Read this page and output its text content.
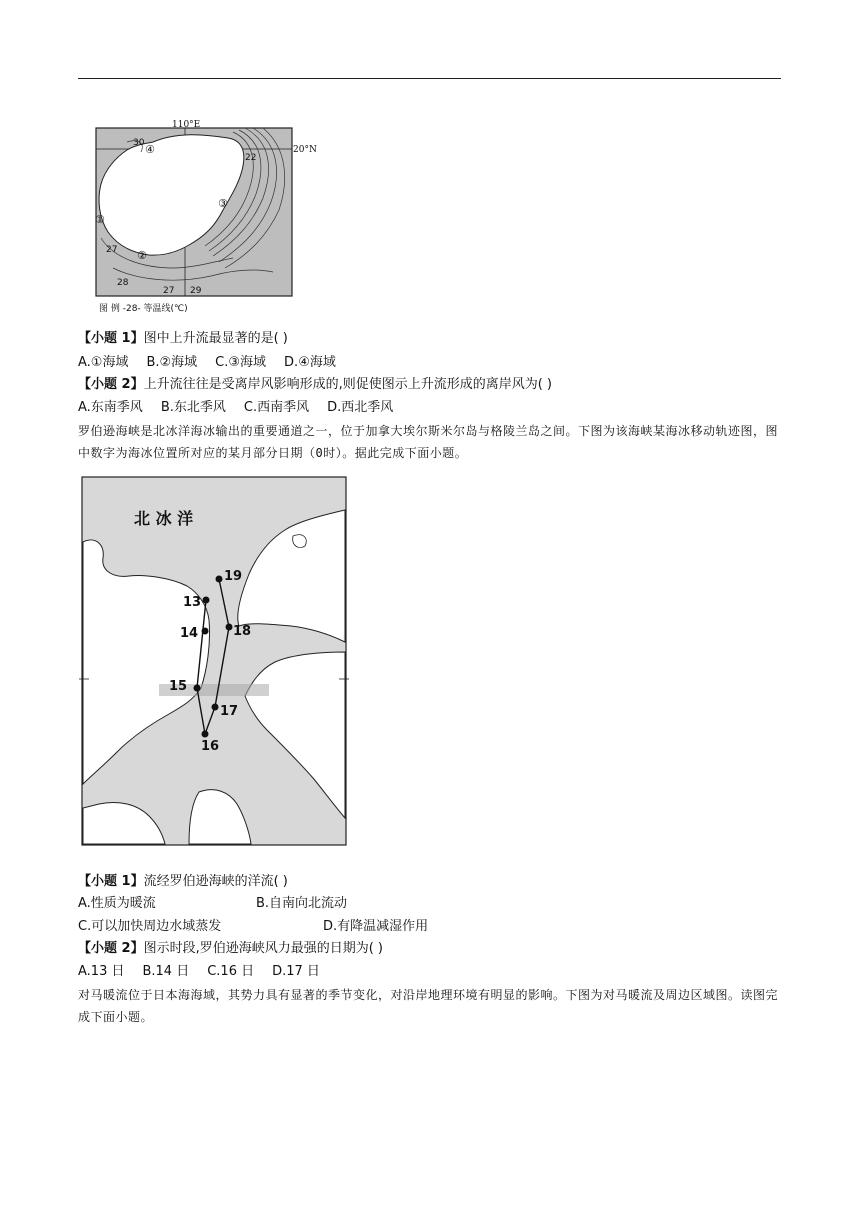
110°E
20°N
30 ④
22
③
①
27 ②
28
27 29
图 例 -28- 等温线(℃)
【小题 1】图中上升流最显著的是( )
A.①海域 B.②海域 C.③海域 D.④海域
【小题 2】上升流往往是受离岸风影响形成的,则促使图示上升流形成的离岸风为( )
A.东南季风 B.东北季风 C.西南季风 D.西北季风
罗伯逊海峡是北冰洋海冰输出的重要通道之一，位于加拿大埃尔斯米尔岛与格陵兰岛之间。下图为该海峡某海冰移动轨迹图，图中数字为海冰位置所对应的某月部分日期（0时）。据此完成下面小题。
北 冰 洋
13
14
15
16
17
18
19
【小题 1】流经罗伯逊海峡的洋流( )
A.性质为暖流	B.自南向北流动
C.可以加快周边水域蒸发	D.有降温减湿作用
【小题 2】图示时段,罗伯逊海峡风力最强的日期为( )
A.13 日 B.14 日 C.16 日 D.17 日
对马暖流位于日本海海域，其势力具有显著的季节变化，对沿岸地理环境有明显的影响。下图为对马暖流及周边区域图。读图完成下面小题。
